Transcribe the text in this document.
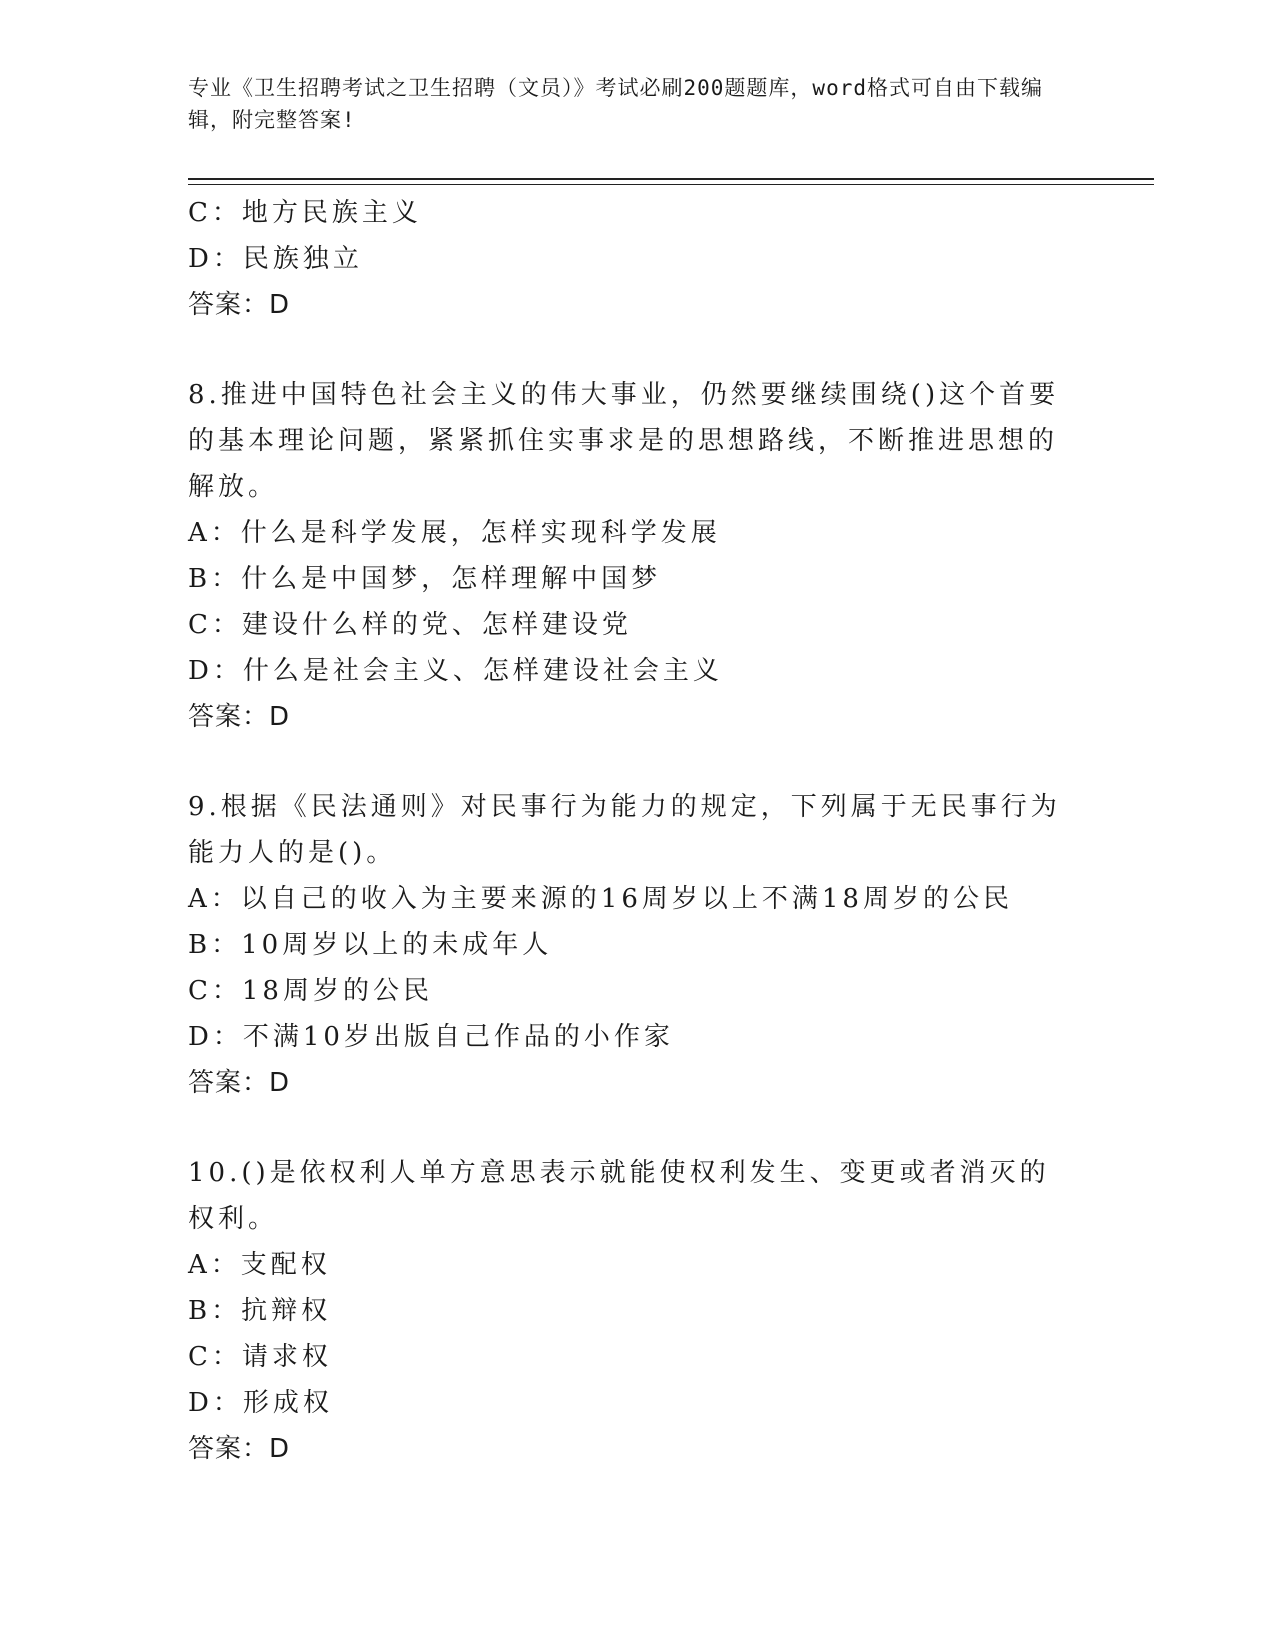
专业《卫生招聘考试之卫生招聘（文员）》考试必刷200题题库，word格式可自由下载编辑，附完整答案!
C：地方民族主义
D：民族独立
答案：D
8.推进中国特色社会主义的伟大事业，仍然要继续围绕()这个首要的基本理论问题，紧紧抓住实事求是的思想路线，不断推进思想的解放。
A：什么是科学发展，怎样实现科学发展
B：什么是中国梦，怎样理解中国梦
C：建设什么样的党、怎样建设党
D：什么是社会主义、怎样建设社会主义
答案：D
9.根据《民法通则》对民事行为能力的规定，下列属于无民事行为能力人的是()。
A：以自己的收入为主要来源的16周岁以上不满18周岁的公民
B：10周岁以上的未成年人
C：18周岁的公民
D：不满10岁出版自己作品的小作家
答案：D
10.()是依权利人单方意思表示就能使权利发生、变更或者消灭的权利。
A：支配权
B：抗辩权
C：请求权
D：形成权
答案：D
